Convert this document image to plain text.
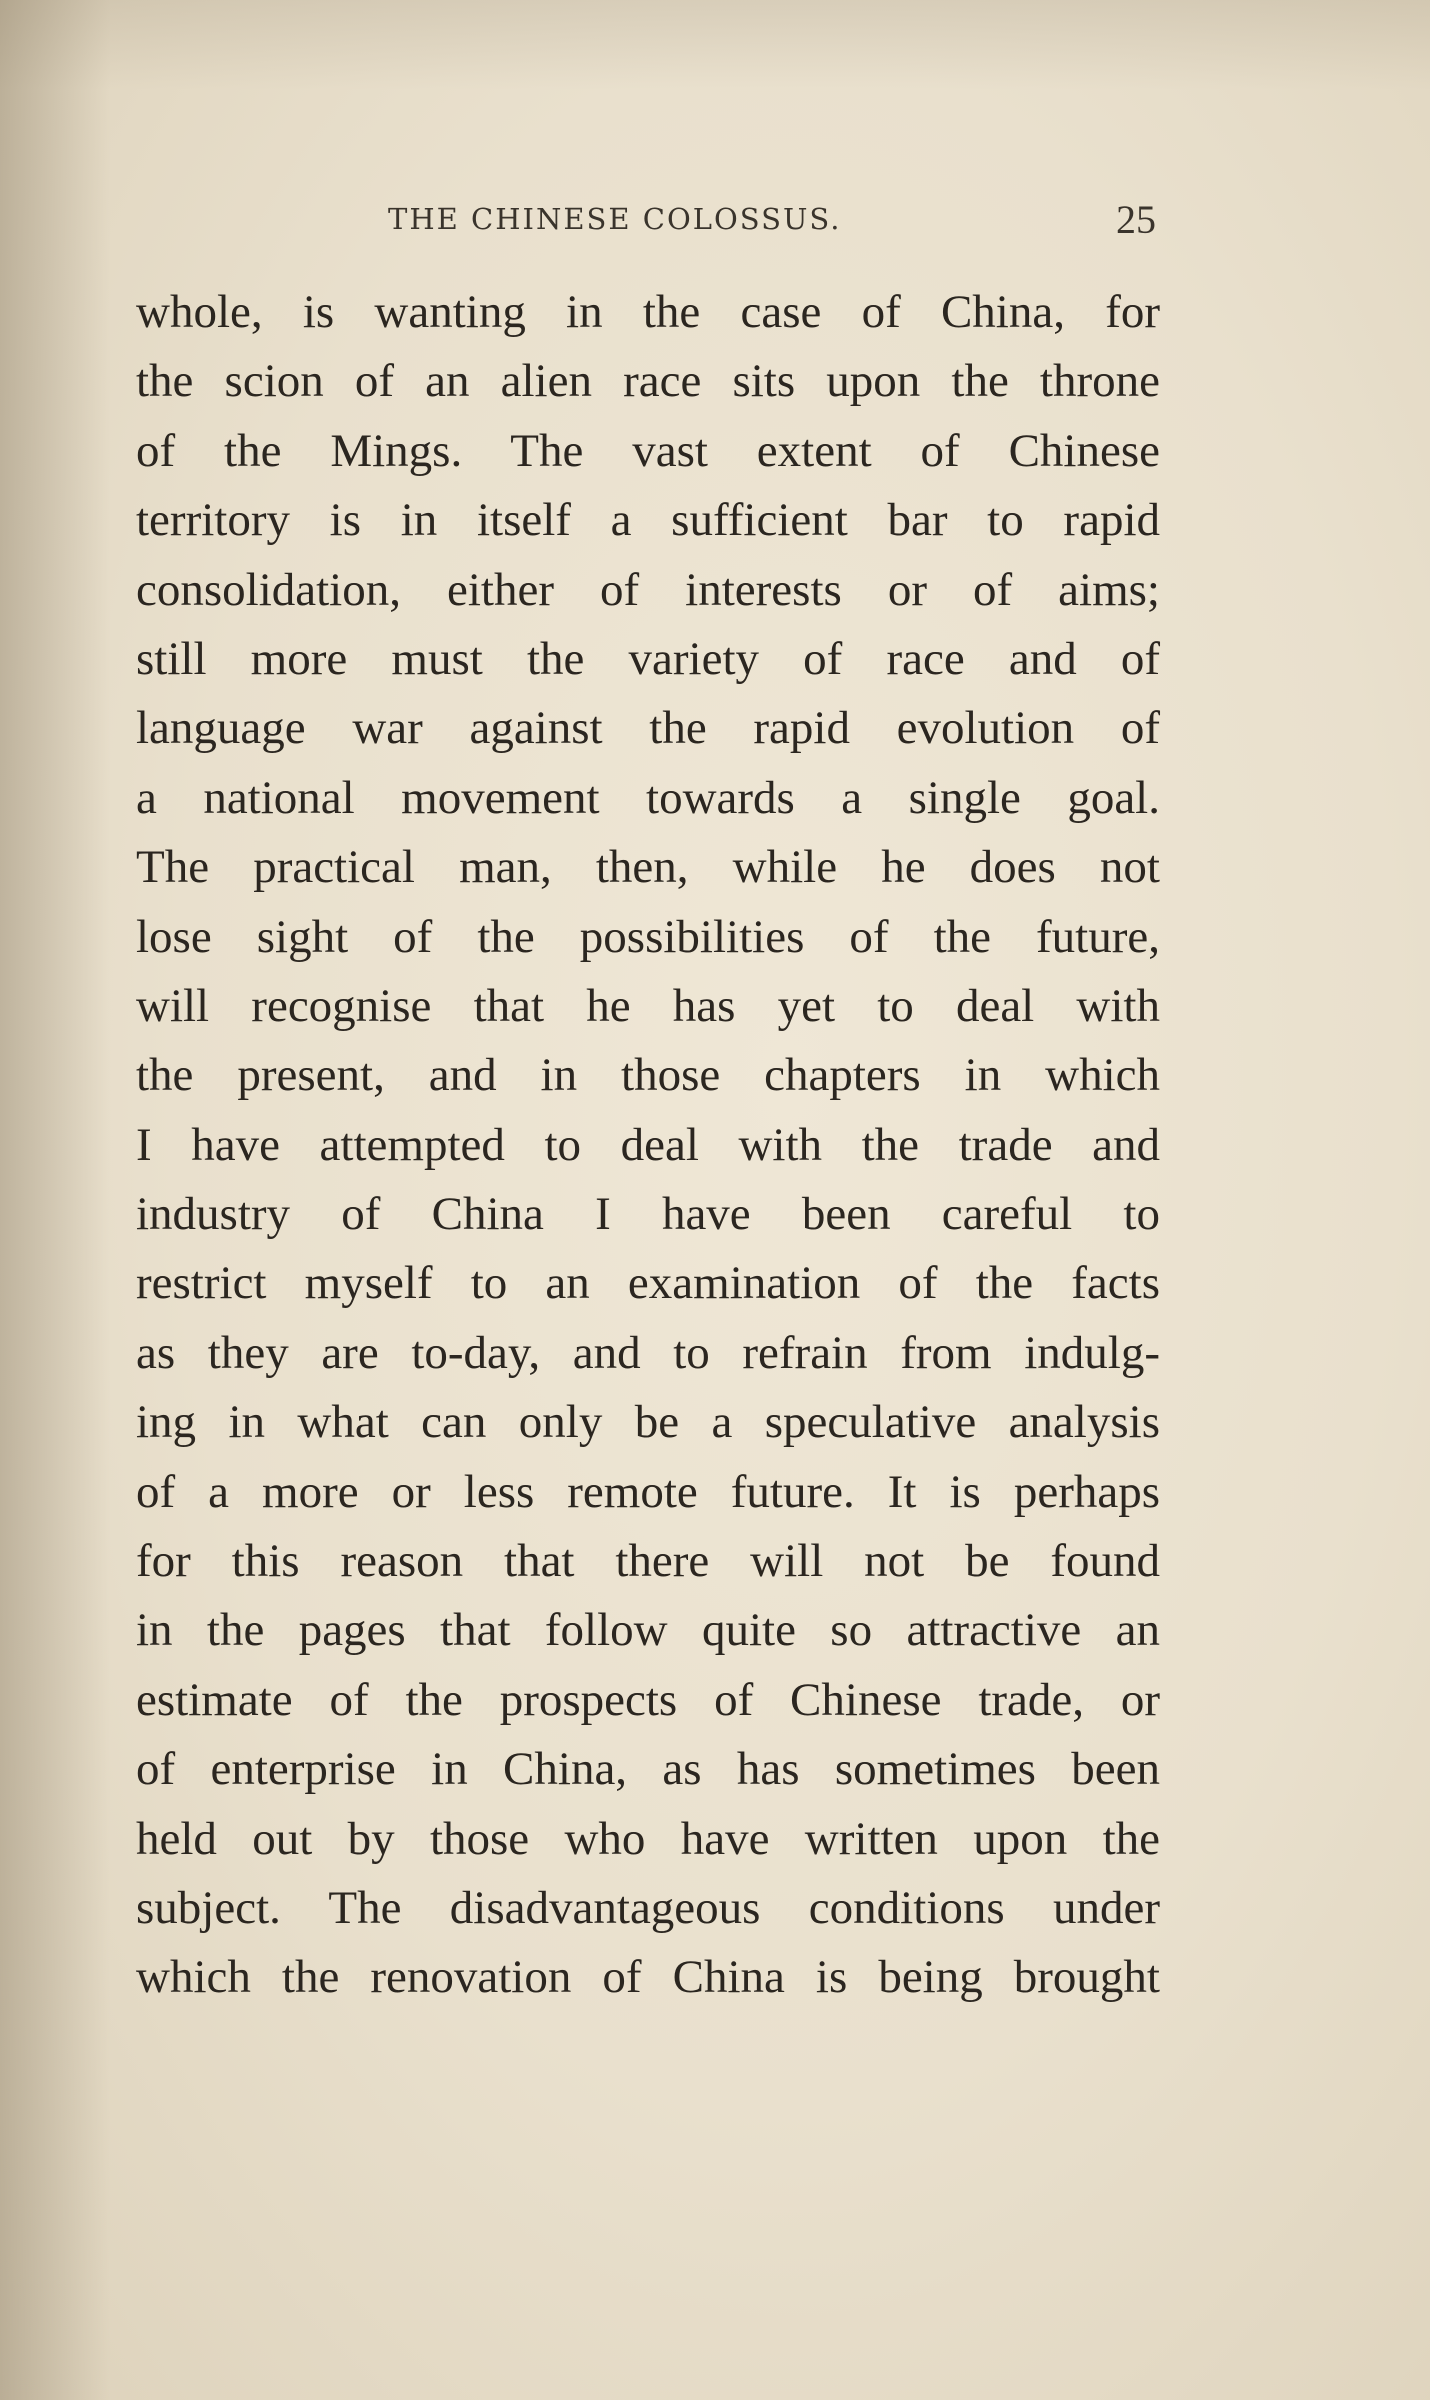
THE CHINESE COLOSSUS.	25
whole, is wanting in the case of China, for
the scion of an alien race sits upon the throne
of the Mings. The vast extent of Chinese
territory is in itself a sufficient bar to rapid
consolidation, either of interests or of aims;
still more must the variety of race and of
language war against the rapid evolution of
a national movement towards a single goal.
The practical man, then, while he does not
lose sight of the possibilities of the future,
will recognise that he has yet to deal with
the present, and in those chapters in which
I have attempted to deal with the trade and
industry of China I have been careful to
restrict myself to an examination of the facts
as they are to-day, and to refrain from indulg-
ing in what can only be a speculative analysis
of a more or less remote future. It is perhaps
for this reason that there will not be found
in the pages that follow quite so attractive an
estimate of the prospects of Chinese trade, or
of enterprise in China, as has sometimes been
held out by those who have written upon the
subject. The disadvantageous conditions under
which the renovation of China is being brought
